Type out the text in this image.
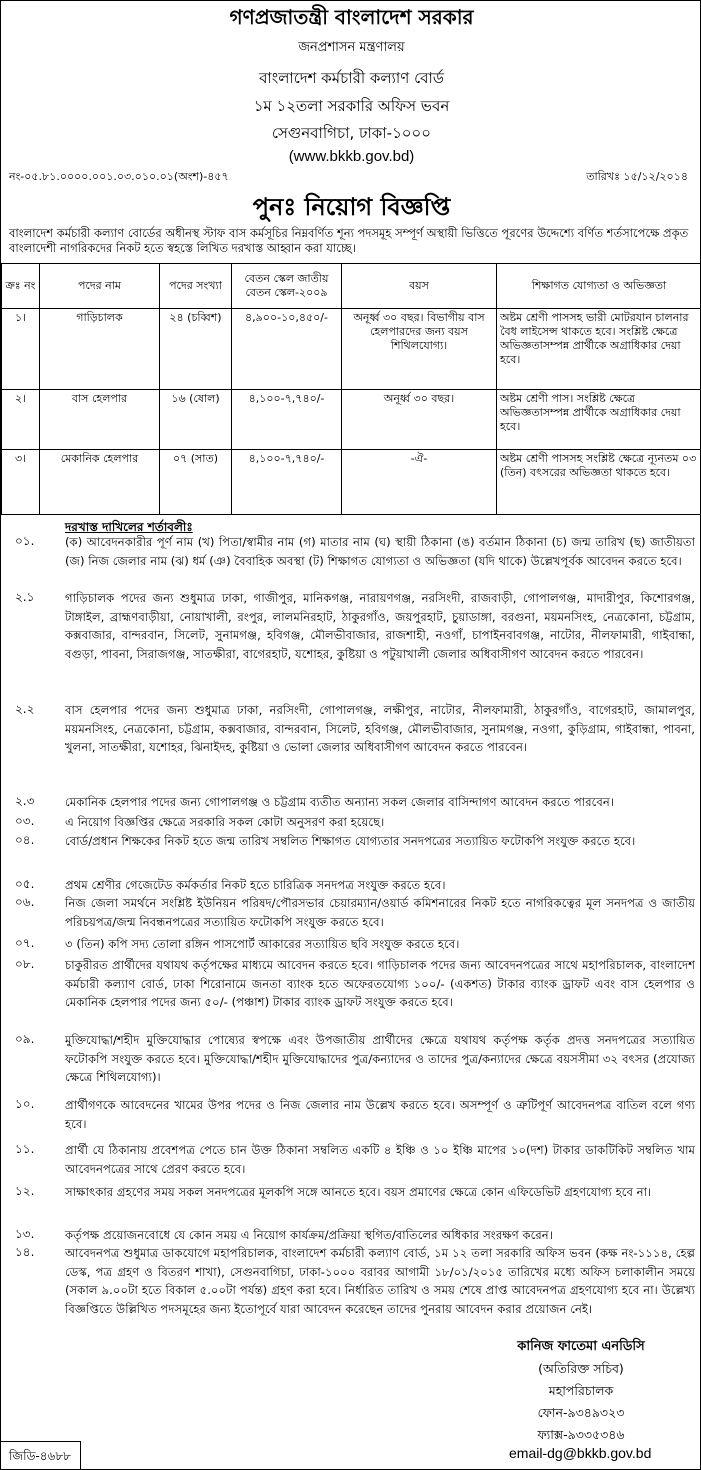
গণপ্রজাতন্ত্রী বাংলাদেশ সরকার
জনপ্রশাসন মন্ত্রণালয়
বাংলাদেশ কর্মচারী কল্যাণ বোর্ড
১ম ১২তলা সরকারি অফিস ভবন
সেগুনবাগিচা, ঢাকা-১০০০
(www.bkkb.gov.bd)
নং-০৫.৮১.০০০০.০০১.০৩.০১০.০১(অংশ)-৪৫৭	তারিখঃ ১৫/১২/২০১৪
পুনঃ নিয়োগ বিজ্ঞপ্তি
বাংলাদেশ কর্মচারী কল্যাণ বোর্ডের অধীনস্থ স্টাফ বাস কর্মসূচির নিম্নবর্ণিত শূন্য পদসমূহ সম্পূর্ণ অস্থায়ী ভিত্তিতে পূরণের উদ্দেশ্যে বর্ণিত শর্তসাপেক্ষে প্রকৃত বাংলাদেশী নাগরিকদের নিকট হতে স্বহস্তে লিখিত দরখাস্ত আহ্বান করা যাচ্ছে।
ক্রঃ নং	পদের নাম	পদের সংখ্যা	বেতন স্কেল জাতীয় বেতন স্কেল-২০০৯	বয়স	শিক্ষাগত যোগ্যতা ও অভিজ্ঞতা
১।	গাড়িচালক	২৪ (চব্বিশ)	৪,৯০০-১০,৪৫০/-	অনূর্ধ্ব ৩০ বছর। বিভাগীয় বাস হেলপারদের জন্য বয়স শিথিলযোগ্য।	অষ্টম শ্রেণী পাসসহ ভারী মোটরযান চালনার বৈধ লাইসেন্স থাকতে হবে। সংশ্লিষ্ট ক্ষেত্রে অভিজ্ঞতাসম্পন্ন প্রার্থীকে অগ্রাধিকার দেয়া হবে।
২।	বাস হেলপার	১৬ (ষোল)	৪,১০০-৭,৭৪০/-	অনূর্ধ্ব ৩০ বছর।	অষ্টম শ্রেণী পাস। সংশ্লিষ্ট ক্ষেত্রে অভিজ্ঞতাসম্পন্ন প্রার্থীকে অগ্রাধিকার দেয়া হবে।
৩।	মেকানিক হেলপার	০৭ (সাত)	৪,১০০-৭,৭৪০/-	-ঐ-	অষ্টম শ্রেণী পাসসহ সংশ্লিষ্ট ক্ষেত্রে ন্যূনতম ০৩ (তিন) বৎসরের অভিজ্ঞতা থাকতে হবে।
দরখাস্ত দাখিলের শর্তাবলীঃ
০১.	(ক) আবেদনকারীর পূর্ণ নাম (খ) পিতা/স্বামীর নাম (গ) মাতার নাম (ঘ) স্থায়ী ঠিকানা (ঙ) বর্তমান ঠিকানা (চ) জন্ম তারিখ (ছ) জাতীয়তা (জ) নিজ জেলার নাম (ঝ) ধর্ম (ঞ) বৈবাহিক অবস্থা (ট) শিক্ষাগত যোগ্যতা ও অভিজ্ঞতা (যদি থাকে) উল্লেখপূর্বক আবেদন করতে হবে।
২.১	গাড়িচালক পদের জন্য শুধুমাত্র ঢাকা, গাজীপুর, মানিকগঞ্জ, নারায়ণগঞ্জ, নরসিংদী, রাজবাড়ী, গোপালগঞ্জ, মাদারীপুর, কিশোরগঞ্জ, টাঙ্গাইল, ব্রাহ্মণবাড়ীয়া, নোয়াখালী, রংপুর, লালমনিরহাট, ঠাকুরগাঁও, জয়পুরহাট, চুয়াডাঙ্গা, বরগুনা, ময়মনসিংহ, নেত্রকোনা, চট্টগ্রাম, কক্সবাজার, বান্দরবান, সিলেট, সুনামগঞ্জ, হবিগঞ্জ, মৌলভীবাজার, রাজশাহী, নওগাঁ, চাপাইনবাবগঞ্জ, নাটোর, নীলফামারী, গাইবান্ধা, বগুড়া, পাবনা, সিরাজগঞ্জ, সাতক্ষীরা, বাগেরহাট, যশোহর, কুষ্টিয়া ও পটুয়াখালী জেলার অধিবাসীগণ আবেদন করতে পারবেন।
২.২	বাস হেলপার পদের জন্য শুধুমাত্র ঢাকা, নরসিংদী, গোপালগঞ্জ, লক্ষীপুর, নাটোর, নীলফামারী, ঠাকুরগাঁও, বাগেরহাট, জামালপুর, ময়মনসিংহ, নেত্রকোনা, চট্টগ্রাম, কক্সবাজার, বান্দরবান, সিলেট, হবিগঞ্জ, মৌলভীবাজার, সুনামগঞ্জ, নওগা, কুড়িগ্রাম, গাইবান্ধা, পাবনা, খুলনা, সাতক্ষীরা, যশোহর, ঝিনাইদহ, কুষ্টিয়া ও ভোলা জেলার অধিবাসীগণ আবেদন করতে পারবেন।
২.৩	মেকানিক হেলপার পদের জন্য গোপালগঞ্জ ও চট্টগ্রাম ব্যতীত অন্যান্য সকল জেলার বাসিন্দাগণ আবেদন করতে পারবেন।
০৩.	এ নিয়োগ বিজ্ঞপ্তির ক্ষেত্রে সরকারি সকল কোটা অনুসরণ করা হয়েছে।
০৪.	বোর্ড/প্রধান শিক্ষকের নিকট হতে জন্ম তারিখ সম্বলিত শিক্ষাগত যোগ্যতার সনদপত্রের সত্যায়িত ফটোকপি সংযুক্ত করতে হবে।
০৫.	প্রথম শ্রেণীর গেজেটেড কর্মকর্তার নিকট হতে চারিত্রিক সনদপত্র সংযুক্ত করতে হবে।
০৬.	নিজ জেলা সমর্থনে সংশ্লিষ্ট ইউনিয়ন পরিষদ/পৌরসভার চেয়ারম্যান/ওয়ার্ড কমিশনারের নিকট হতে নাগরিকত্বের মূল সনদপত্র ও জাতীয় পরিচয়পত্র/জন্ম নিবন্ধনপত্রের সত্যায়িত ফটোকপি সংযুক্ত করতে হবে।
০৭.	৩ (তিন) কপি সদ্য তোলা রঙ্গিন পাসপোর্ট আকারের সত্যায়িত ছবি সংযুক্ত করতে হবে।
০৮.	চাকুরীরত প্রার্থীদের যথাযথ কর্তৃপক্ষের মাধ্যমে আবেদন করতে হবে। গাড়িচালক পদের জন্য আবেদনপত্রের সাথে মহাপরিচালক, বাংলাদেশ কর্মচারী কল্যাণ বোর্ড, ঢাকা শিরোনামে জনতা ব্যাংক হতে অফেরতযোগ্য ১০০/- (একশত) টাকার ব্যাংক ড্রাফট এবং বাস হেলপার ও মেকানিক হেলপার পদের জন্য ৫০/- (পঞ্চাশ) টাকার ব্যাংক ড্রাফট সংযুক্ত করতে হবে।
০৯.	মুক্তিযোদ্ধা/শহীদ মুক্তিযোদ্ধার পোষ্যের স্বপক্ষে এবং উপজাতীয় প্রার্থীদের ক্ষেত্রে যথাযথ কর্তৃপক্ষ কর্তৃক প্রদত্ত সনদপত্রের সত্যায়িত ফটোকপি সংযুক্ত করতে হবে। মুক্তিযোদ্ধা/শহীদ মুক্তিযোদ্ধাদের পুত্র/কন্যাদের ও তাদের পুত্র/কন্যাদের ক্ষেত্রে বয়সসীমা ৩২ বৎসর (প্রযোজ্য ক্ষেত্রে শিথিলযোগ্য)।
১০.	প্রার্থীগণকে আবেদনের খামের উপর পদের ও নিজ জেলার নাম উল্লেখ করতে হবে। অসম্পূর্ণ ও ত্রুটিপূর্ণ আবেদনপত্র বাতিল বলে গণ্য হবে।
১১.	প্রার্থী যে ঠিকানায় প্রবেশপত্র পেতে চান উক্ত ঠিকানা সম্বলিত একটি ৪ ইঞ্চি ও ১০ ইঞ্চি মাপের ১০(দশ) টাকার ডাকটিকিট সম্বলিত খাম আবেদনপত্রের সাথে প্রেরণ করতে হবে।
১২.	সাক্ষাৎকার গ্রহণের সময় সকল সনদপত্রের মূলকপি সঙ্গে আনতে হবে। বয়স প্রমাণের ক্ষেত্রে কোন এফিডেভিট গ্রহণযোগ্য হবে না।
১৩.	কর্তৃপক্ষ প্রয়োজনবোধে যে কোন সময় এ নিয়োগ কার্যক্রম/প্রক্রিয়া স্থগিত/বাতিলের অধিকার সংরক্ষণ করেন।
১৪.	আবেদনপত্র শুধুমাত্র ডাকযোগে মহাপরিচালক, বাংলাদেশ কর্মচারী কল্যাণ বোর্ড, ১ম ১২ তলা সরকারি অফিস ভবন (কক্ষ নং-১১১৪, হেল্প ডেস্ক, পত্র গ্রহণ ও বিতরণ শাখা), সেগুনবাগিচা, ঢাকা-১০০০ বরাবর আগামী ১৮/০১/২০১৫ তারিখের মধ্যে অফিস চলাকালীন সময়ে (সকাল ৯.০০টা হতে বিকাল ৫.০০টা পর্যন্ত) গ্রহণ করা হবে। নির্ধারিত তারিখ ও সময় শেষে প্রাপ্ত আবেদনপত্র গ্রহণযোগ্য হবে না। উল্লেখ্য বিজ্ঞপ্তিতে উল্লিখিত পদসমূহের জন্য ইতোপূর্বে যারা আবেদন করেছেন তাদের পুনরায় আবেদন করার প্রয়োজন নেই।
কানিজ ফাতেমা এনডিসি
(অতিরিক্ত সচিব)
মহাপরিচালক
ফোন-৯৩৪৯৩২৩
ফ্যাক্স-৯৩৩৫৩৪৬
email-dg@bkkb.gov.bd
জিডি-৪৬৮৮
